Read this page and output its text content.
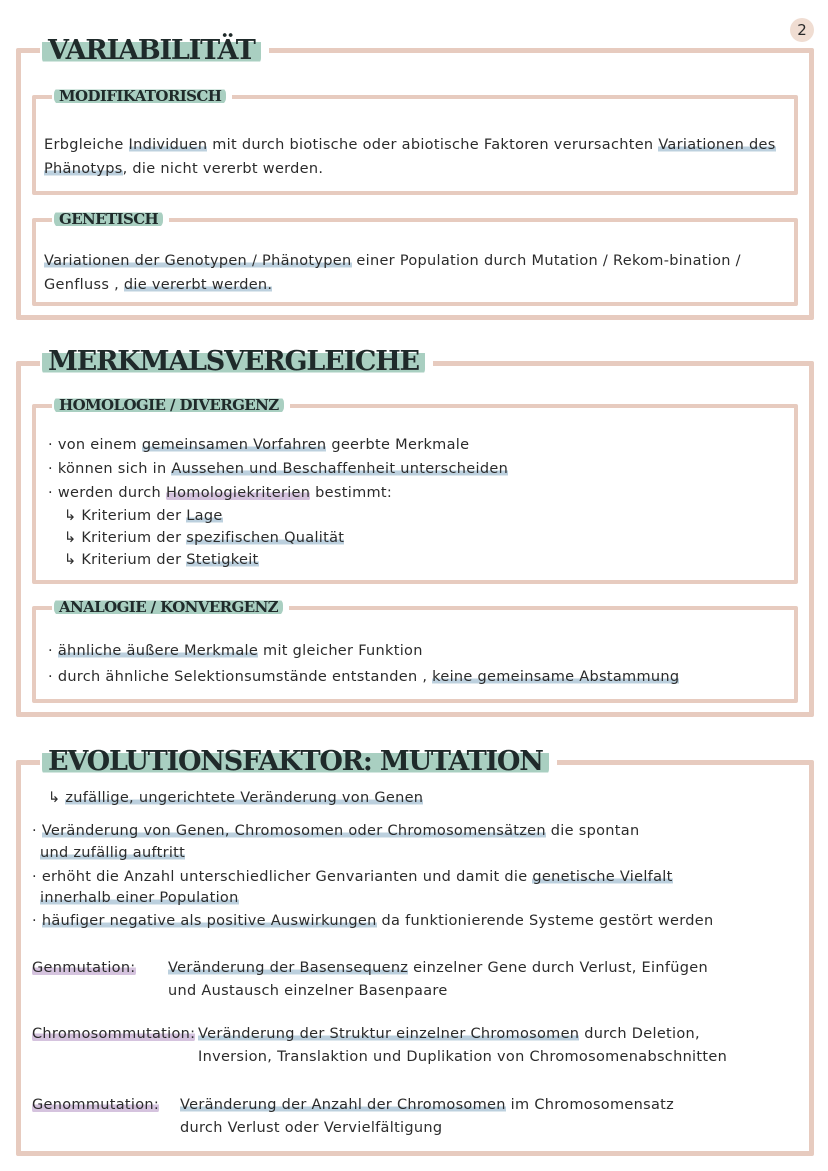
2
VARIABILITÄT
MODIFIKATORISCH

Erbgleiche Individuen mit durch biotische oder abiotische Faktoren verursachten Variationen des Phänotyps, die nicht vererbt werden.

GENETISCH

Variationen der Genotypen / Phänotypen einer Population durch Mutation / Rekom-bination / Genfluss , die vererbt werden.

MERKMALSVERGLEICHE
HOMOLOGIE / DIVERGENZ
· von einem gemeinsamen Vorfahren geerbte Merkmale
· können sich in Aussehen und Beschaffenheit unterscheiden
· werden durch Homologiekriterien bestimmt:
↳ Kriterium der Lage
↳ Kriterium der spezifischen Qualität
↳ Kriterium der Stetigkeit
ANALOGIE / KONVERGENZ
· ähnliche äußere Merkmale mit gleicher Funktion
· durch ähnliche Selektionsumstände entstanden , keine gemeinsame Abstammung
EVOLUTIONSFAKTOR: MUTATION
↳ zufällige, ungerichtete Veränderung von Genen
· Veränderung von Genen, Chromosomen oder Chromosomensätzen die spontan
und zufällig auftritt
· erhöht die Anzahl unterschiedlicher Genvarianten und damit die genetische Vielfalt
innerhalb einer Population
· häufiger negative als positive Auswirkungen da funktionierende Systeme gestört werden
Genmutation: Veränderung der Basensequenz einzelner Gene durch Verlust, Einfügen
und Austausch einzelner Basenpaare
Chromosommutation: Veränderung der Struktur einzelner Chromosomen durch Deletion,
Inversion, Translaktion und Duplikation von Chromosomenabschnitten
Genommutation: Veränderung der Anzahl der Chromosomen im Chromosomensatz
durch Verlust oder Vervielfältigung
